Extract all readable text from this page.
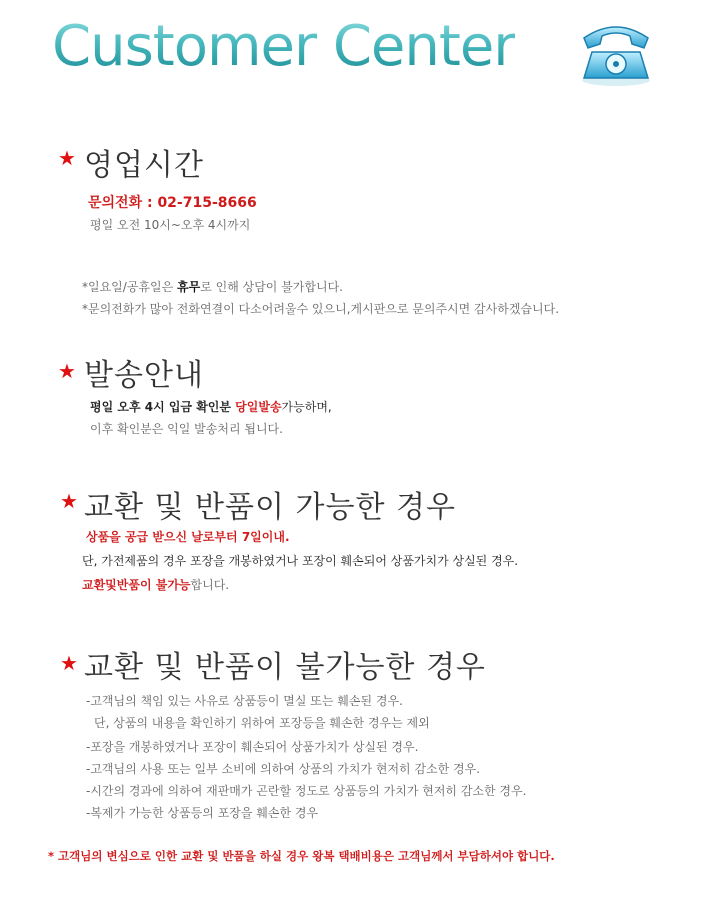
Customer Center
★ 영업시간
문의전화 : 02-715-8666
평일 오전 10시~오후 4시까지
*일요일/공휴일은 휴무로 인해 상담이 불가합니다.
*문의전화가 많아 전화연결이 다소어려울수 있으니,게시판으로 문의주시면 감사하겠습니다.
★ 발송안내
평일 오후 4시 입금 확인분 당일발송가능하며,
이후 확인분은 익일 발송처리 됩니다.
★ 교환 및 반품이 가능한 경우
상품을 공급 받으신 날로부터 7일이내.
단, 가전제품의 경우 포장을 개봉하였거나 포장이 훼손되어 상품가치가 상실된 경우.
교환및반품이 불가능합니다.
★ 교환 및 반품이 불가능한 경우
-고객님의 책임 있는 사유로 상품등이 멸실 또는 훼손된 경우.
단, 상품의 내용을 확인하기 위하여 포장등을 훼손한 경우는 제외
-포장을 개봉하였거나 포장이 훼손되어 상품가치가 상실된 경우.
-고객님의 사용 또는 일부 소비에 의하여 상품의 가치가 현저히 감소한 경우.
-시간의 경과에 의하여 재판매가 곤란할 정도로 상품등의 가치가 현저히 감소한 경우.
-복제가 가능한 상품등의 포장을 훼손한 경우
* 고객님의 변심으로 인한 교환 및 반품을 하실 경우 왕복 택배비용은 고객님께서 부담하셔야 합니다.
